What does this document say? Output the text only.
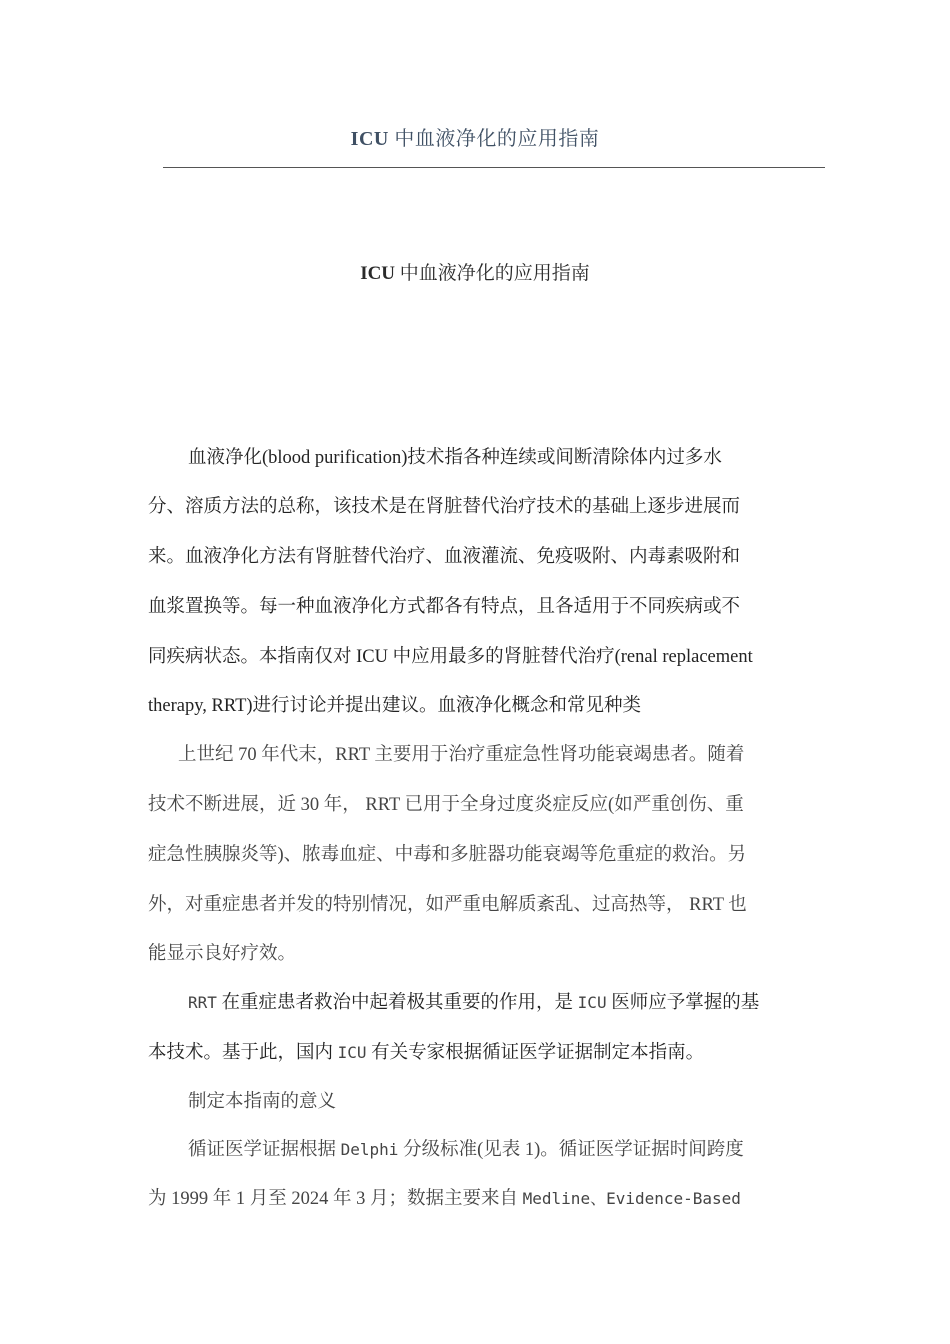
ICU 中血液净化的应用指南
ICU 中血液净化的应用指南
血液净化(blood purification)技术指各种连续或间断清除体内过多水
分、溶质方法的总称，该技术是在肾脏替代治疗技术的基础上逐步进展而
来。血液净化方法有肾脏替代治疗、血液灌流、免疫吸附、内毒素吸附和
血浆置换等。每一种血液净化方式都各有特点，且各适用于不同疾病或不
同疾病状态。本指南仅对 ICU 中应用最多的肾脏替代治疗(renal replacement
therapy, RRT)进行讨论并提出建议。血液净化概念和常见种类
上世纪 70 年代末，RRT 主要用于治疗重症急性肾功能衰竭患者。随着
技术不断进展，近 30 年， RRT 已用于全身过度炎症反应(如严重创伤、重
症急性胰腺炎等)、脓毒血症、中毒和多脏器功能衰竭等危重症的救治。另
外，对重症患者并发的特别情况，如严重电解质紊乱、过高热等， RRT 也
能显示良好疗效。
RRT 在重症患者救治中起着极其重要的作用，是 ICU 医师应予掌握的基
本技术。基于此，国内 ICU 有关专家根据循证医学证据制定本指南。
制定本指南的意义
循证医学证据根据 Delphi 分级标准(见表 1)。循证医学证据时间跨度
为 1999 年 1 月至 2024 年 3 月；数据主要来自 Medline、Evidence-Based
